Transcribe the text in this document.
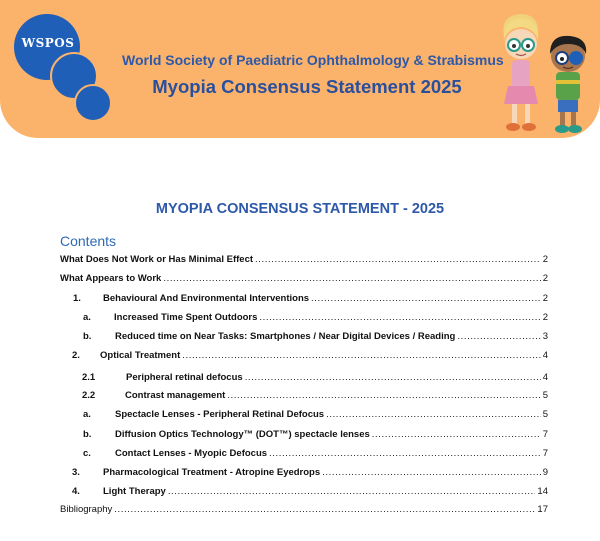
WSPOS
World Society of Paediatric Ophthalmology & Strabismus
Myopia Consensus Statement 2025
MYOPIA CONSENSUS STATEMENT - 2025
Contents
What Does Not Work or Has Minimal Effect .....	2
What Appears to Work .....	2
1. Behavioural And Environmental Interventions .....	2
a. Increased Time Spent Outdoors .....	2
b. Reduced time on Near Tasks: Smartphones / Near Digital Devices / Reading .....	3
2. Optical Treatment .....	4
2.1	Peripheral retinal defocus .....	4
2.2	Contrast management .....	5
a.	Spectacle Lenses - Peripheral Retinal Defocus .....	5
b. Diffusion Optics Technology™ (DOT™) spectacle lenses .....	7
c.	Contact Lenses - Myopic Defocus .....	7
3. Pharmacological Treatment - Atropine Eyedrops .....	9
4. Light Therapy .....	14
Bibliography .....	17
